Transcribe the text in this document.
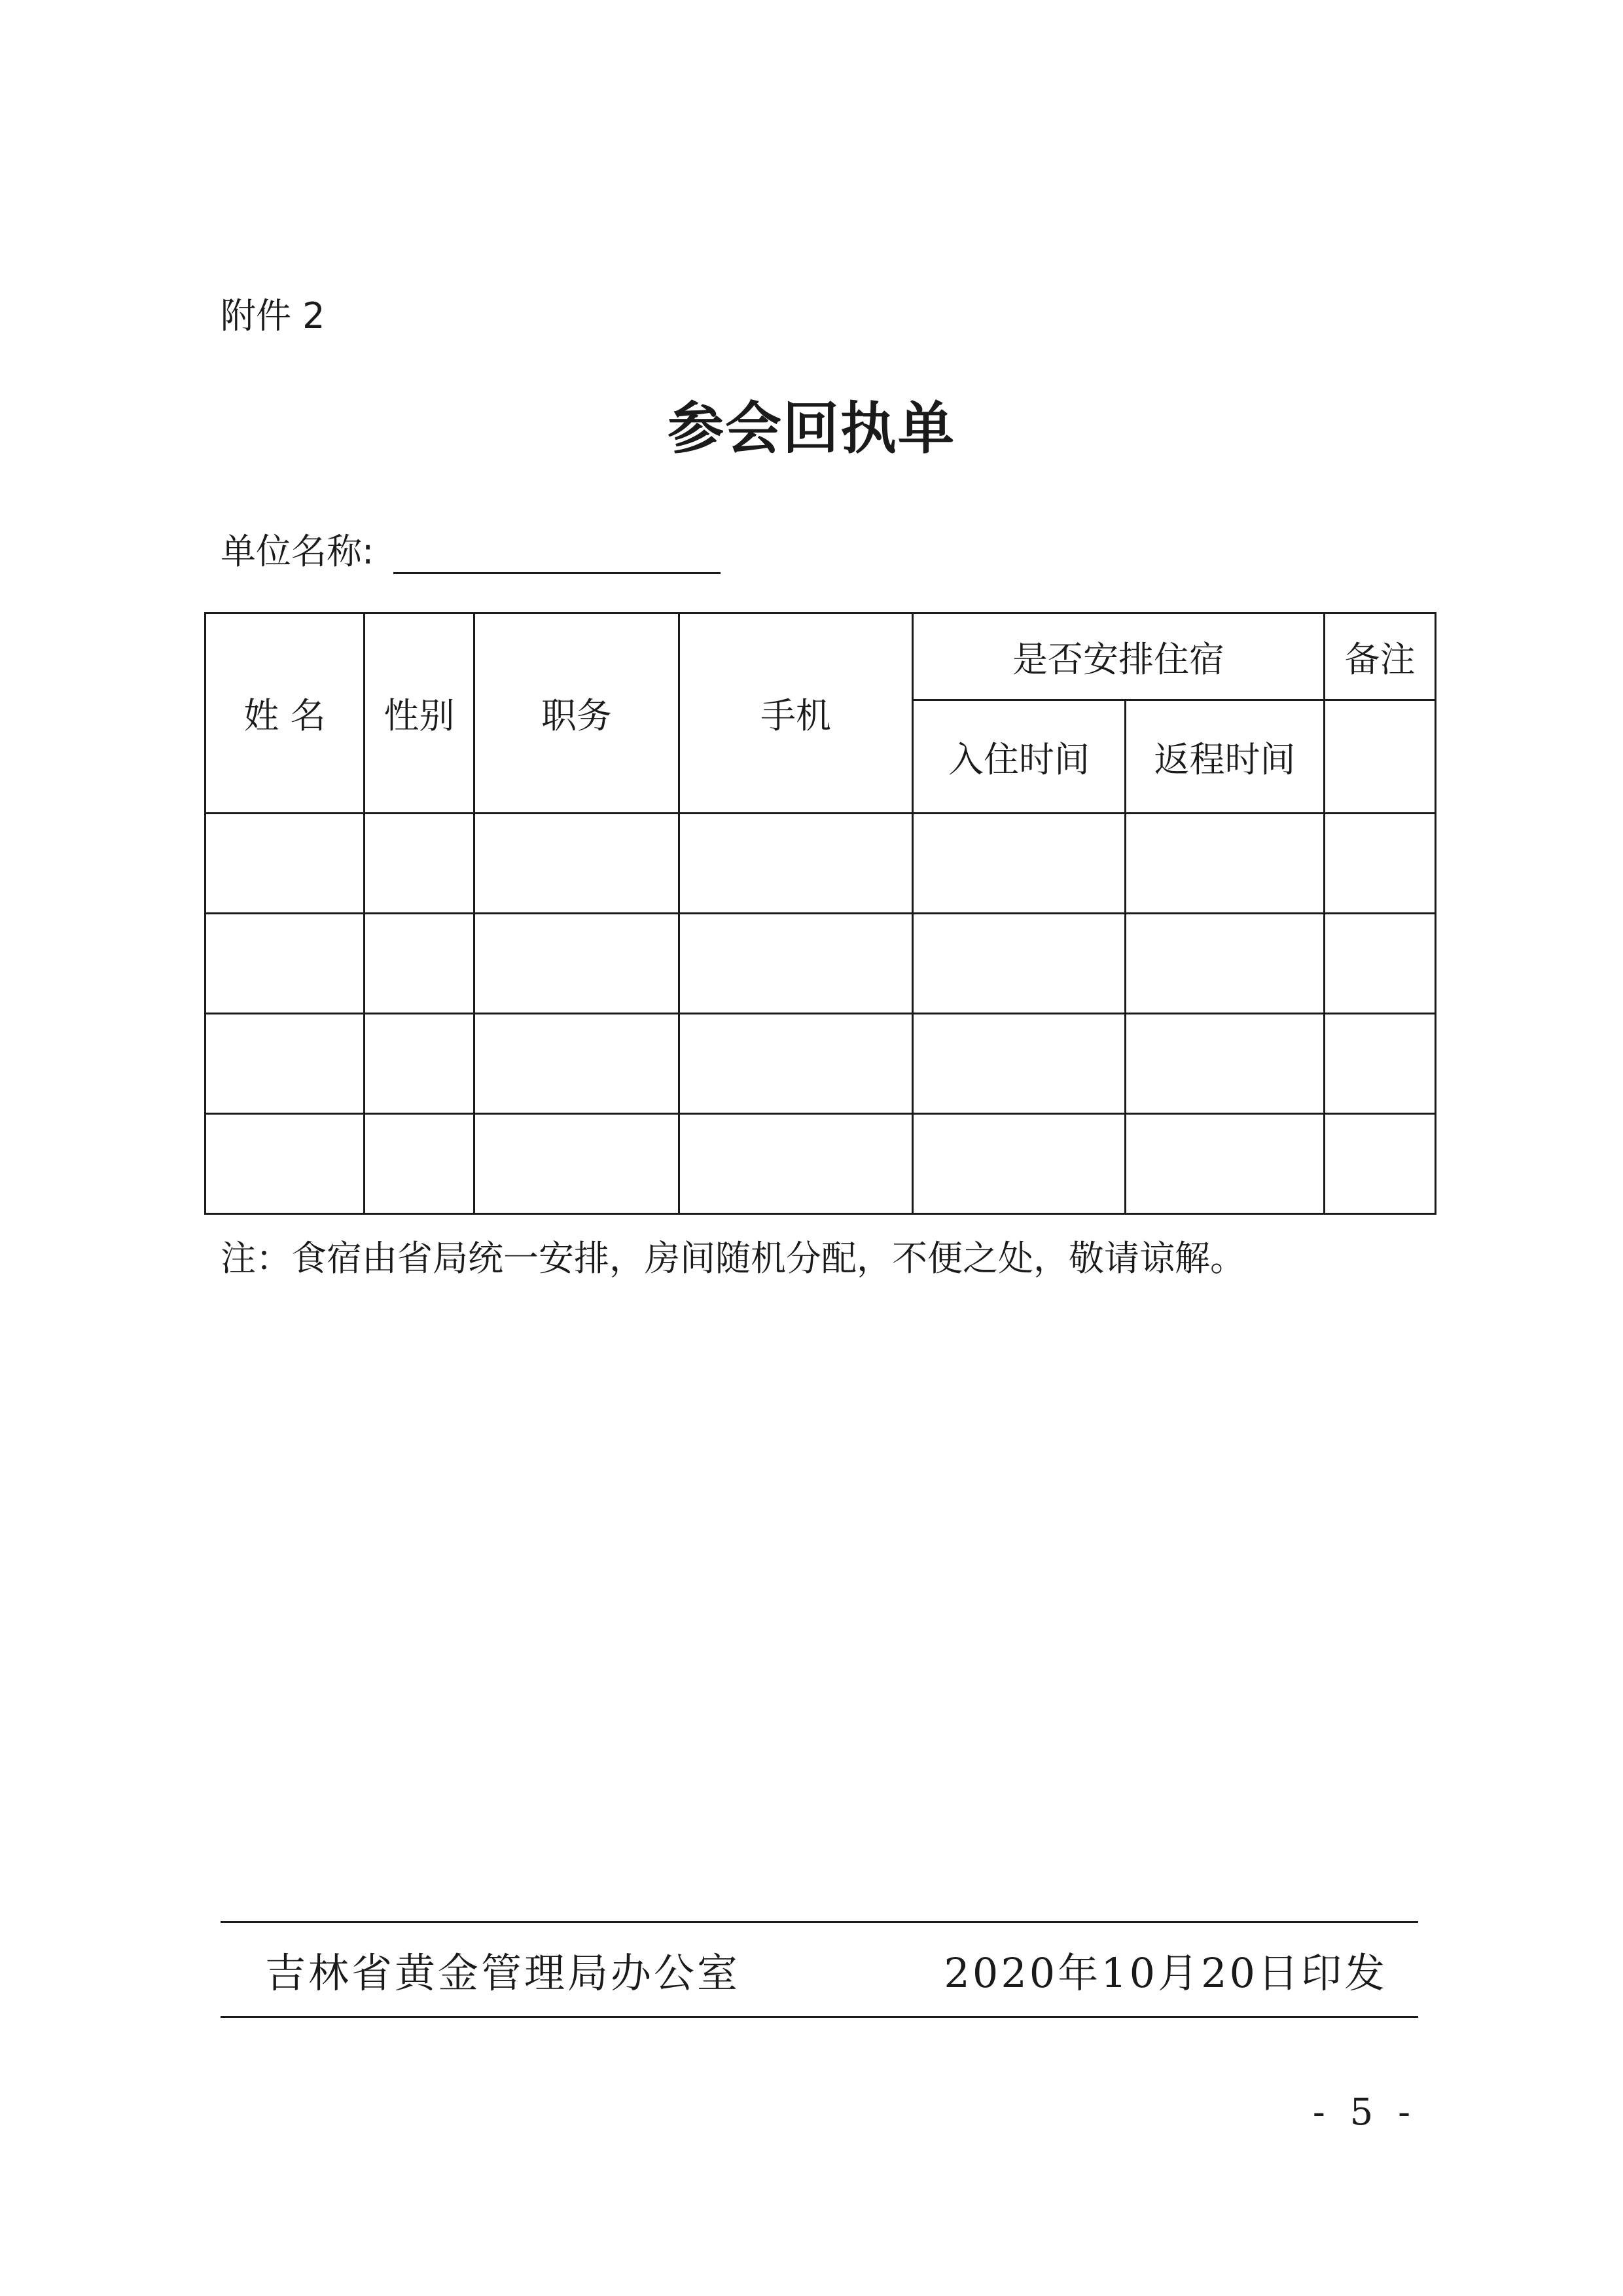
附件 2
参会回执单
单位名称:
姓 名	性别	职务	手机	是否安排住宿		备注
				入住时间	返程时间	

注：食宿由省局统一安排，房间随机分配，不便之处，敬请谅解。
吉林省黄金管理局办公室	2020年10月20日印发
- 5 -
